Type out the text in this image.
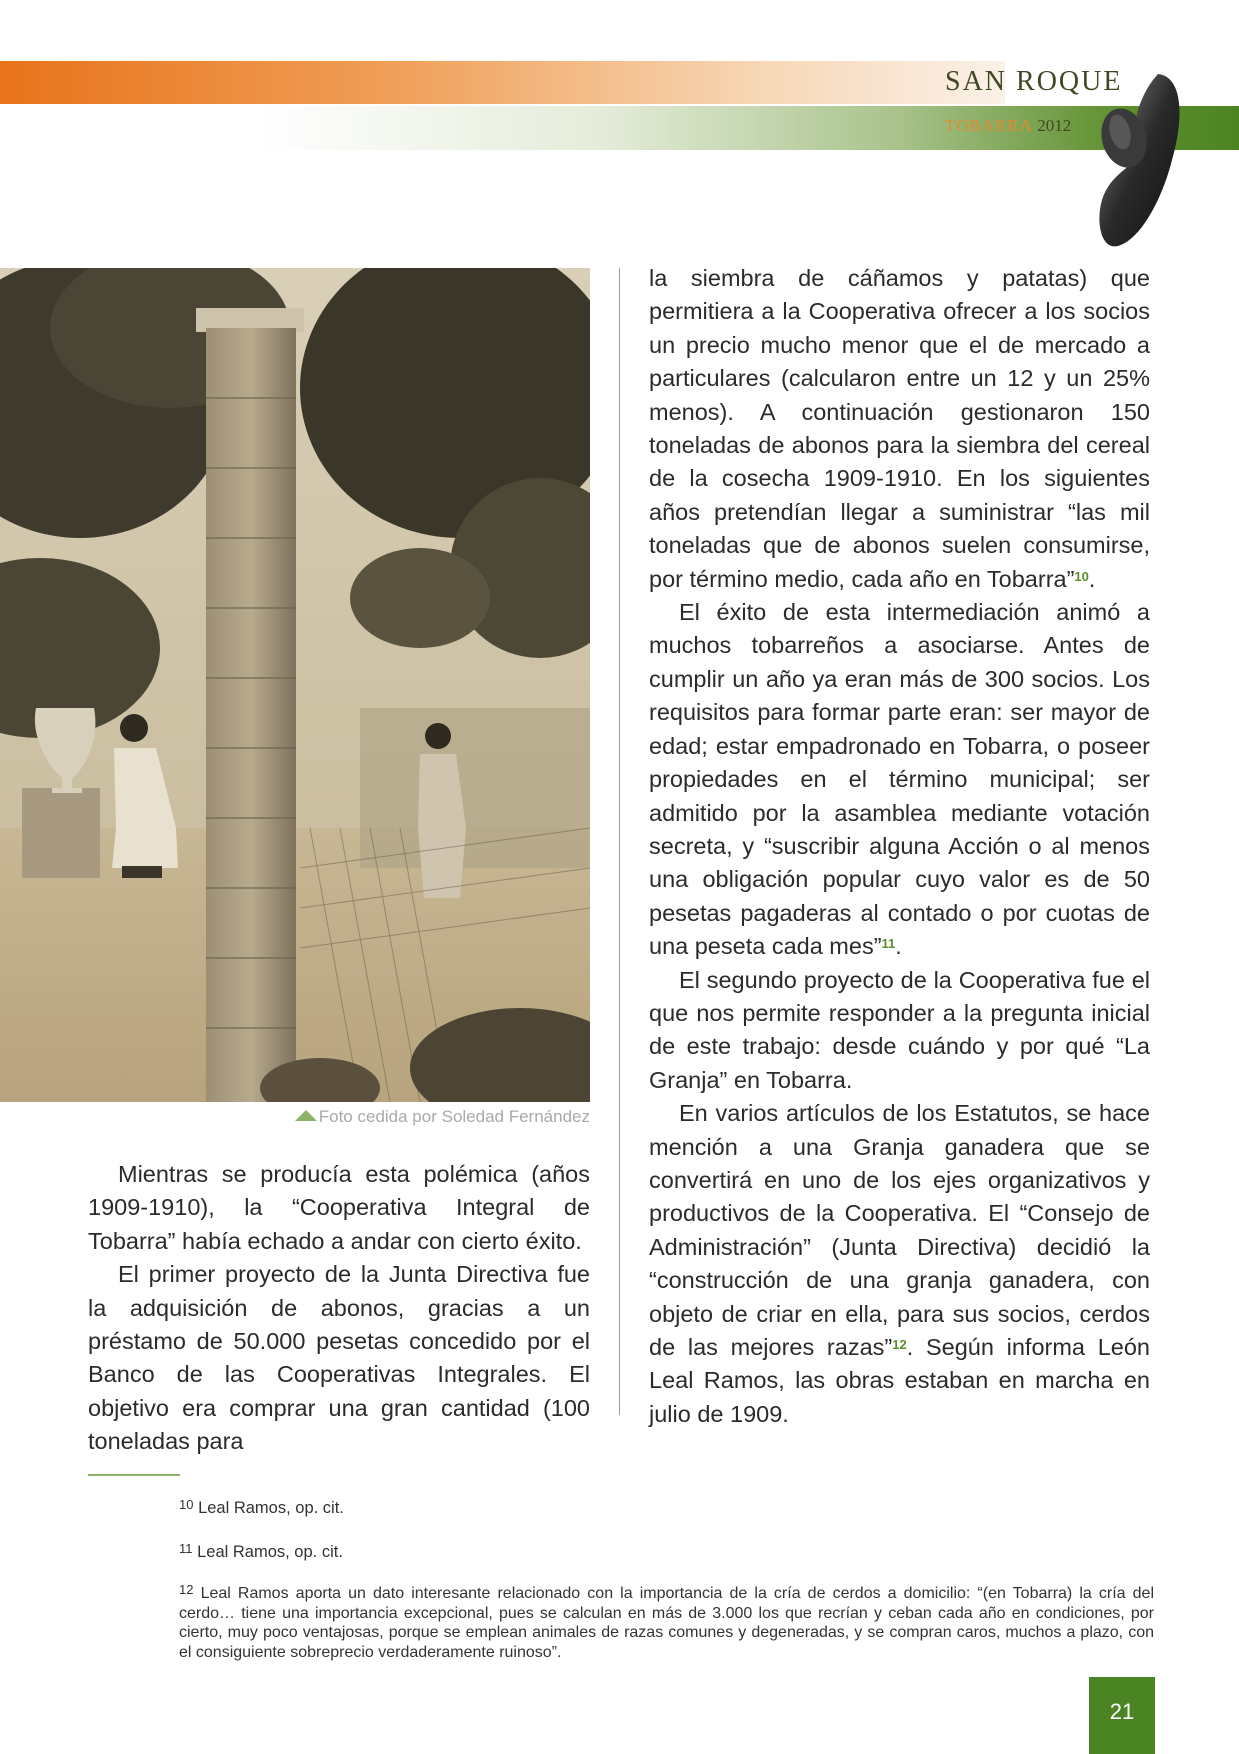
SAN ROQUE
TOBARRA 2012
Foto cedida por Soledad Fernández

Mientras se producía esta polémica (años 1909-1910), la “Cooperativa Integral de Tobarra” había echado a andar con cierto éxito.

El primer proyecto de la Junta Directiva fue la adquisición de abonos, gracias a un préstamo de 50.000 pesetas concedido por el Banco de las Cooperativas Integrales. El objetivo era comprar una gran cantidad (100 toneladas para

la siembra de cáñamos y patatas) que permitiera a la Cooperativa ofrecer a los socios un precio mucho menor que el de mercado a particulares (calcularon entre un 12 y un 25% menos). A continuación gestionaron 150 toneladas de abonos para la siembra del cereal de la cosecha 1909-1910. En los siguientes años pretendían llegar a suministrar “las mil toneladas que de abonos suelen consumirse, por término medio, cada año en Tobarra”$^{10}$.

El éxito de esta intermediación animó a muchos tobarreños a asociarse. Antes de cumplir un año ya eran más de 300 socios. Los requisitos para formar parte eran: ser mayor de edad; estar empadronado en Tobarra, o poseer propiedades en el término municipal; ser admitido por la asamblea mediante votación secreta, y “suscribir alguna Acción o al menos una obligación popular cuyo valor es de 50 pesetas pagaderas al contado o por cuotas de una peseta cada mes”$^{11}$.

El segundo proyecto de la Cooperativa fue el que nos permite responder a la pregunta inicial de este trabajo: desde cuándo y por qué “La Granja” en Tobarra.

En varios artículos de los Estatutos, se hace mención a una Granja ganadera que se convertirá en uno de los ejes organizativos y productivos de la Cooperativa. El “Consejo de Administración” (Junta Directiva) decidió la “construcción de una granja ganadera, con objeto de criar en ella, para sus socios, cerdos de las mejores razas”$^{12}$. Según informa León Leal Ramos, las obras estaban en marcha en julio de 1909.

$^{10}$ Leal Ramos, op. cit.
$^{11}$ Leal Ramos, op. cit.
$^{12}$ Leal Ramos aporta un dato interesante relacionado con la importancia de la cría de cerdos a domicilio: “(en Tobarra) la cría del cerdo… tiene una importancia excepcional, pues se calculan en más de 3.000 los que recrían y ceban cada año en condiciones, por cierto, muy poco ventajosas, porque se emplean animales de razas comunes y degeneradas, y se compran caros, muchos a plazo, con el consiguiente sobreprecio verdaderamente ruinoso”.
21
